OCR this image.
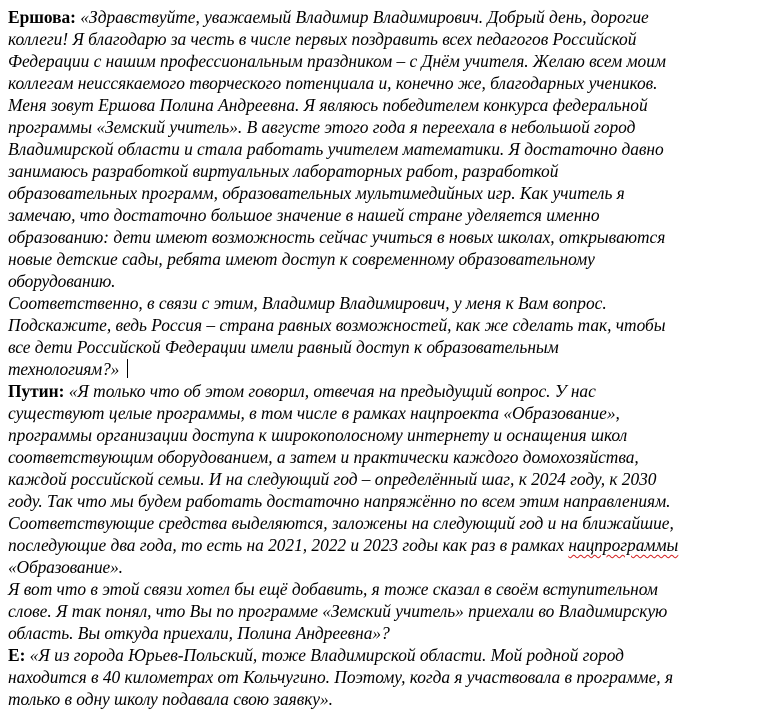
Ершова: «Здравствуйте, уважаемый Владимир Владимирович. Добрый день, дорогие
коллеги! Я благодарю за честь в числе первых поздравить всех педагогов Российской
Федерации с нашим профессиональным праздником – с Днём учителя. Желаю всем моим
коллегам неиссякаемого творческого потенциала и, конечно же, благодарных учеников.
Меня зовут Ершова Полина Андреевна. Я являюсь победителем конкурса федеральной
программы «Земский учитель». В августе этого года я переехала в небольшой город
Владимирской области и стала работать учителем математики. Я достаточно давно
занимаюсь разработкой виртуальных лабораторных работ, разработкой
образовательных программ, образовательных мультимедийных игр. Как учитель я
замечаю, что достаточно большое значение в нашей стране уделяется именно
образованию: дети имеют возможность сейчас учиться в новых школах, открываются
новые детские сады, ребята имеют доступ к современному образовательному
оборудованию.
Соответственно, в связи с этим, Владимир Владимирович, у меня к Вам вопрос.
Подскажите, ведь Россия – страна равных возможностей, как же сделать так, чтобы
все дети Российской Федерации имели равный доступ к образовательным
технологиям?»
Путин: «Я только что об этом говорил, отвечая на предыдущий вопрос. У нас
существуют целые программы, в том числе в рамках нацпроекта «Образование»,
программы организации доступа к широкополосному интернету и оснащения школ
соответствующим оборудованием, а затем и практически каждого домохозяйства,
каждой российской семьи. И на следующий год – определённый шаг, к 2024 году, к 2030
году. Так что мы будем работать достаточно напряжённо по всем этим направлениям.
Соответствующие средства выделяются, заложены на следующий год и на ближайшие,
последующие два года, то есть на 2021, 2022 и 2023 годы как раз в рамках нацпрограммы
«Образование».
Я вот что в этой связи хотел бы ещё добавить, я тоже сказал в своём вступительном
слове. Я так понял, что Вы по программе «Земский учитель» приехали во Владимирскую
область. Вы откуда приехали, Полина Андреевна»?
Е: «Я из города Юрьев-Польский, тоже Владимирской области. Мой родной город
находится в 40 километрах от Кольчугино. Поэтому, когда я участвовала в программе, я
только в одну школу подавала свою заявку».
